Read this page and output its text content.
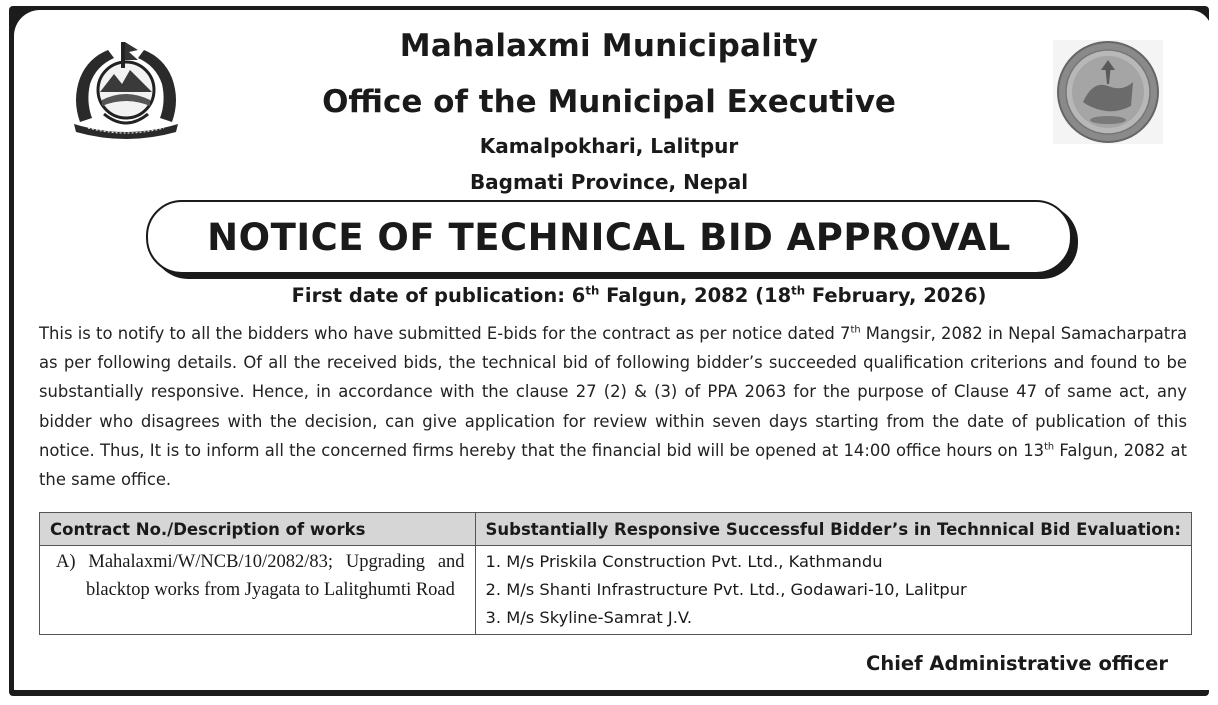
Mahalaxmi Municipality
Office of the Municipal Executive
Kamalpokhari, Lalitpur
Bagmati Province, Nepal
NOTICE OF TECHNICAL BID APPROVAL
First date of publication: 6th Falgun, 2082 (18th February, 2026)

This is to notify to all the bidders who have submitted E-bids for the contract as per notice dated 7th Mangsir, 2082 in Nepal Samacharpatra as per following details. Of all the received bids, the technical bid of following bidder’s succeeded qualification criterions and found to be substantially responsive. Hence, in accordance with the clause 27 (2) & (3) of PPA 2063 for the purpose of Clause 47 of same act, any bidder who disagrees with the decision, can give application for review within seven days starting from the date of publication of this notice. Thus, It is to inform all the concerned firms hereby that the financial bid will be opened at 14:00 office hours on 13th Falgun, 2082 at the same office.

Contract No./Description of works	Substantially Responsive Successful Bidder’s in Technnical Bid Evaluation:

A) Mahalaxmi/W/NCB/10/2082/83; Upgrading and blacktop works from Jyagata to Lalitghumti Road	1. M/s Priskila Construction Pvt. Ltd., Kathmandu
2. M/s Shanti Infrastructure Pvt. Ltd., Godawari-10, Lalitpur
3. M/s Skyline-Samrat J.V.
Chief Administrative officer
